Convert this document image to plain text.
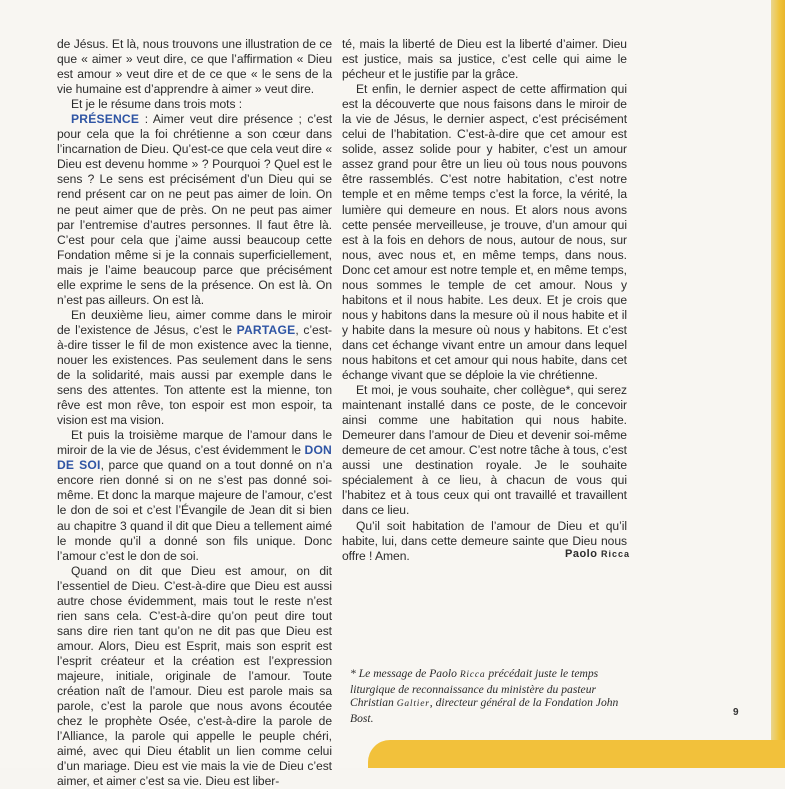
de Jésus. Et là, nous trouvons une illustration de ce que « aimer » veut dire, ce que l’affirmation « Dieu est amour » veut dire et de ce que « le sens de la vie humaine est d’apprendre à aimer » veut dire.

Et je le résume dans trois mots :

PRÉSENCE : Aimer veut dire présence ; c’est pour cela que la foi chrétienne a son cœur dans l’incarnation de Dieu. Qu’est-ce que cela veut dire « Dieu est devenu homme » ? Pourquoi ? Quel est le sens ? Le sens est précisément d’un Dieu qui se rend présent car on ne peut pas aimer de loin. On ne peut aimer que de près. On ne peut pas aimer par l’entremise d’autres personnes. Il faut être là. C’est pour cela que j’aime aussi beaucoup cette Fondation même si je la connais superficiellement, mais je l’aime beaucoup parce que précisément elle exprime le sens de la présence. On est là. On n’est pas ailleurs. On est là.

En deuxième lieu, aimer comme dans le miroir de l’existence de Jésus, c’est le PARTAGE, c’est-à-dire tisser le fil de mon existence avec la tienne, nouer les existences. Pas seulement dans le sens de la solidarité, mais aussi par exemple dans le sens des attentes. Ton attente est la mienne, ton rêve est mon rêve, ton espoir est mon espoir, ta vision est ma vision.

Et puis la troisième marque de l’amour dans le miroir de la vie de Jésus, c’est évidemment le DON DE SOI, parce que quand on a tout donné on n’a encore rien donné si on ne s’est pas donné soi-même. Et donc la marque majeure de l’amour, c’est le don de soi et c’est l’Évangile de Jean dit si bien au chapitre 3 quand il dit que Dieu a tellement aimé le monde qu’il a donné son fils unique. Donc l’amour c’est le don de soi.

Quand on dit que Dieu est amour, on dit l’essentiel de Dieu. C’est-à-dire que Dieu est aussi autre chose évidemment, mais tout le reste n’est rien sans cela. C’est-à-dire qu’on peut dire tout sans dire rien tant qu’on ne dit pas que Dieu est amour. Alors, Dieu est Esprit, mais son esprit est l’esprit créateur et la création est l’expression majeure, initiale, originale de l’amour. Toute création naît de l’amour. Dieu est parole mais sa parole, c’est la parole que nous avons écoutée chez le prophète Osée, c’est-à-dire la parole de l’Alliance, la parole qui appelle le peuple chéri, aimé, avec qui Dieu établit un lien comme celui d’un mariage. Dieu est vie mais la vie de Dieu c’est aimer, et aimer c’est sa vie. Dieu est liber-

té, mais la liberté de Dieu est la liberté d’aimer. Dieu est justice, mais sa justice, c’est celle qui aime le pécheur et le justifie par la grâce.

Et enfin, le dernier aspect de cette affirmation qui est la découverte que nous faisons dans le miroir de la vie de Jésus, le dernier aspect, c’est précisément celui de l’habitation. C’est-à-dire que cet amour est solide, assez solide pour y habiter, c’est un amour assez grand pour être un lieu où tous nous pouvons être rassemblés. C’est notre habitation, c’est notre temple et en même temps c’est la force, la vérité, la lumière qui demeure en nous. Et alors nous avons cette pensée merveilleuse, je trouve, d’un amour qui est à la fois en dehors de nous, autour de nous, sur nous, avec nous et, en même temps, dans nous. Donc cet amour est notre temple et, en même temps, nous sommes le temple de cet amour. Nous y habitons et il nous habite. Les deux. Et je crois que nous y habitons dans la mesure où il nous habite et il y habite dans la mesure où nous y habitons. Et c’est dans cet échange vivant entre un amour dans lequel nous habitons et cet amour qui nous habite, dans cet échange vivant que se déploie la vie chrétienne.

Et moi, je vous souhaite, cher collègue*, qui serez maintenant installé dans ce poste, de le concevoir ainsi comme une habitation qui nous habite. Demeurer dans l’amour de Dieu et devenir soi-même demeure de cet amour. C’est notre tâche à tous, c’est aussi une destination royale. Je le souhaite spécialement à ce lieu, à chacun de vous qui l’habitez et à tous ceux qui ont travaillé et travaillent dans ce lieu.

Qu’il soit habitation de l’amour de Dieu et qu’il habite, lui, dans cette demeure sainte que Dieu nous offre ! Amen.	Paolo Ricca
* Le message de Paolo Ricca précédait juste le temps liturgique de reconnaissance du ministère du pasteur Christian Galtier, directeur général de la Fondation John Bost.	9
